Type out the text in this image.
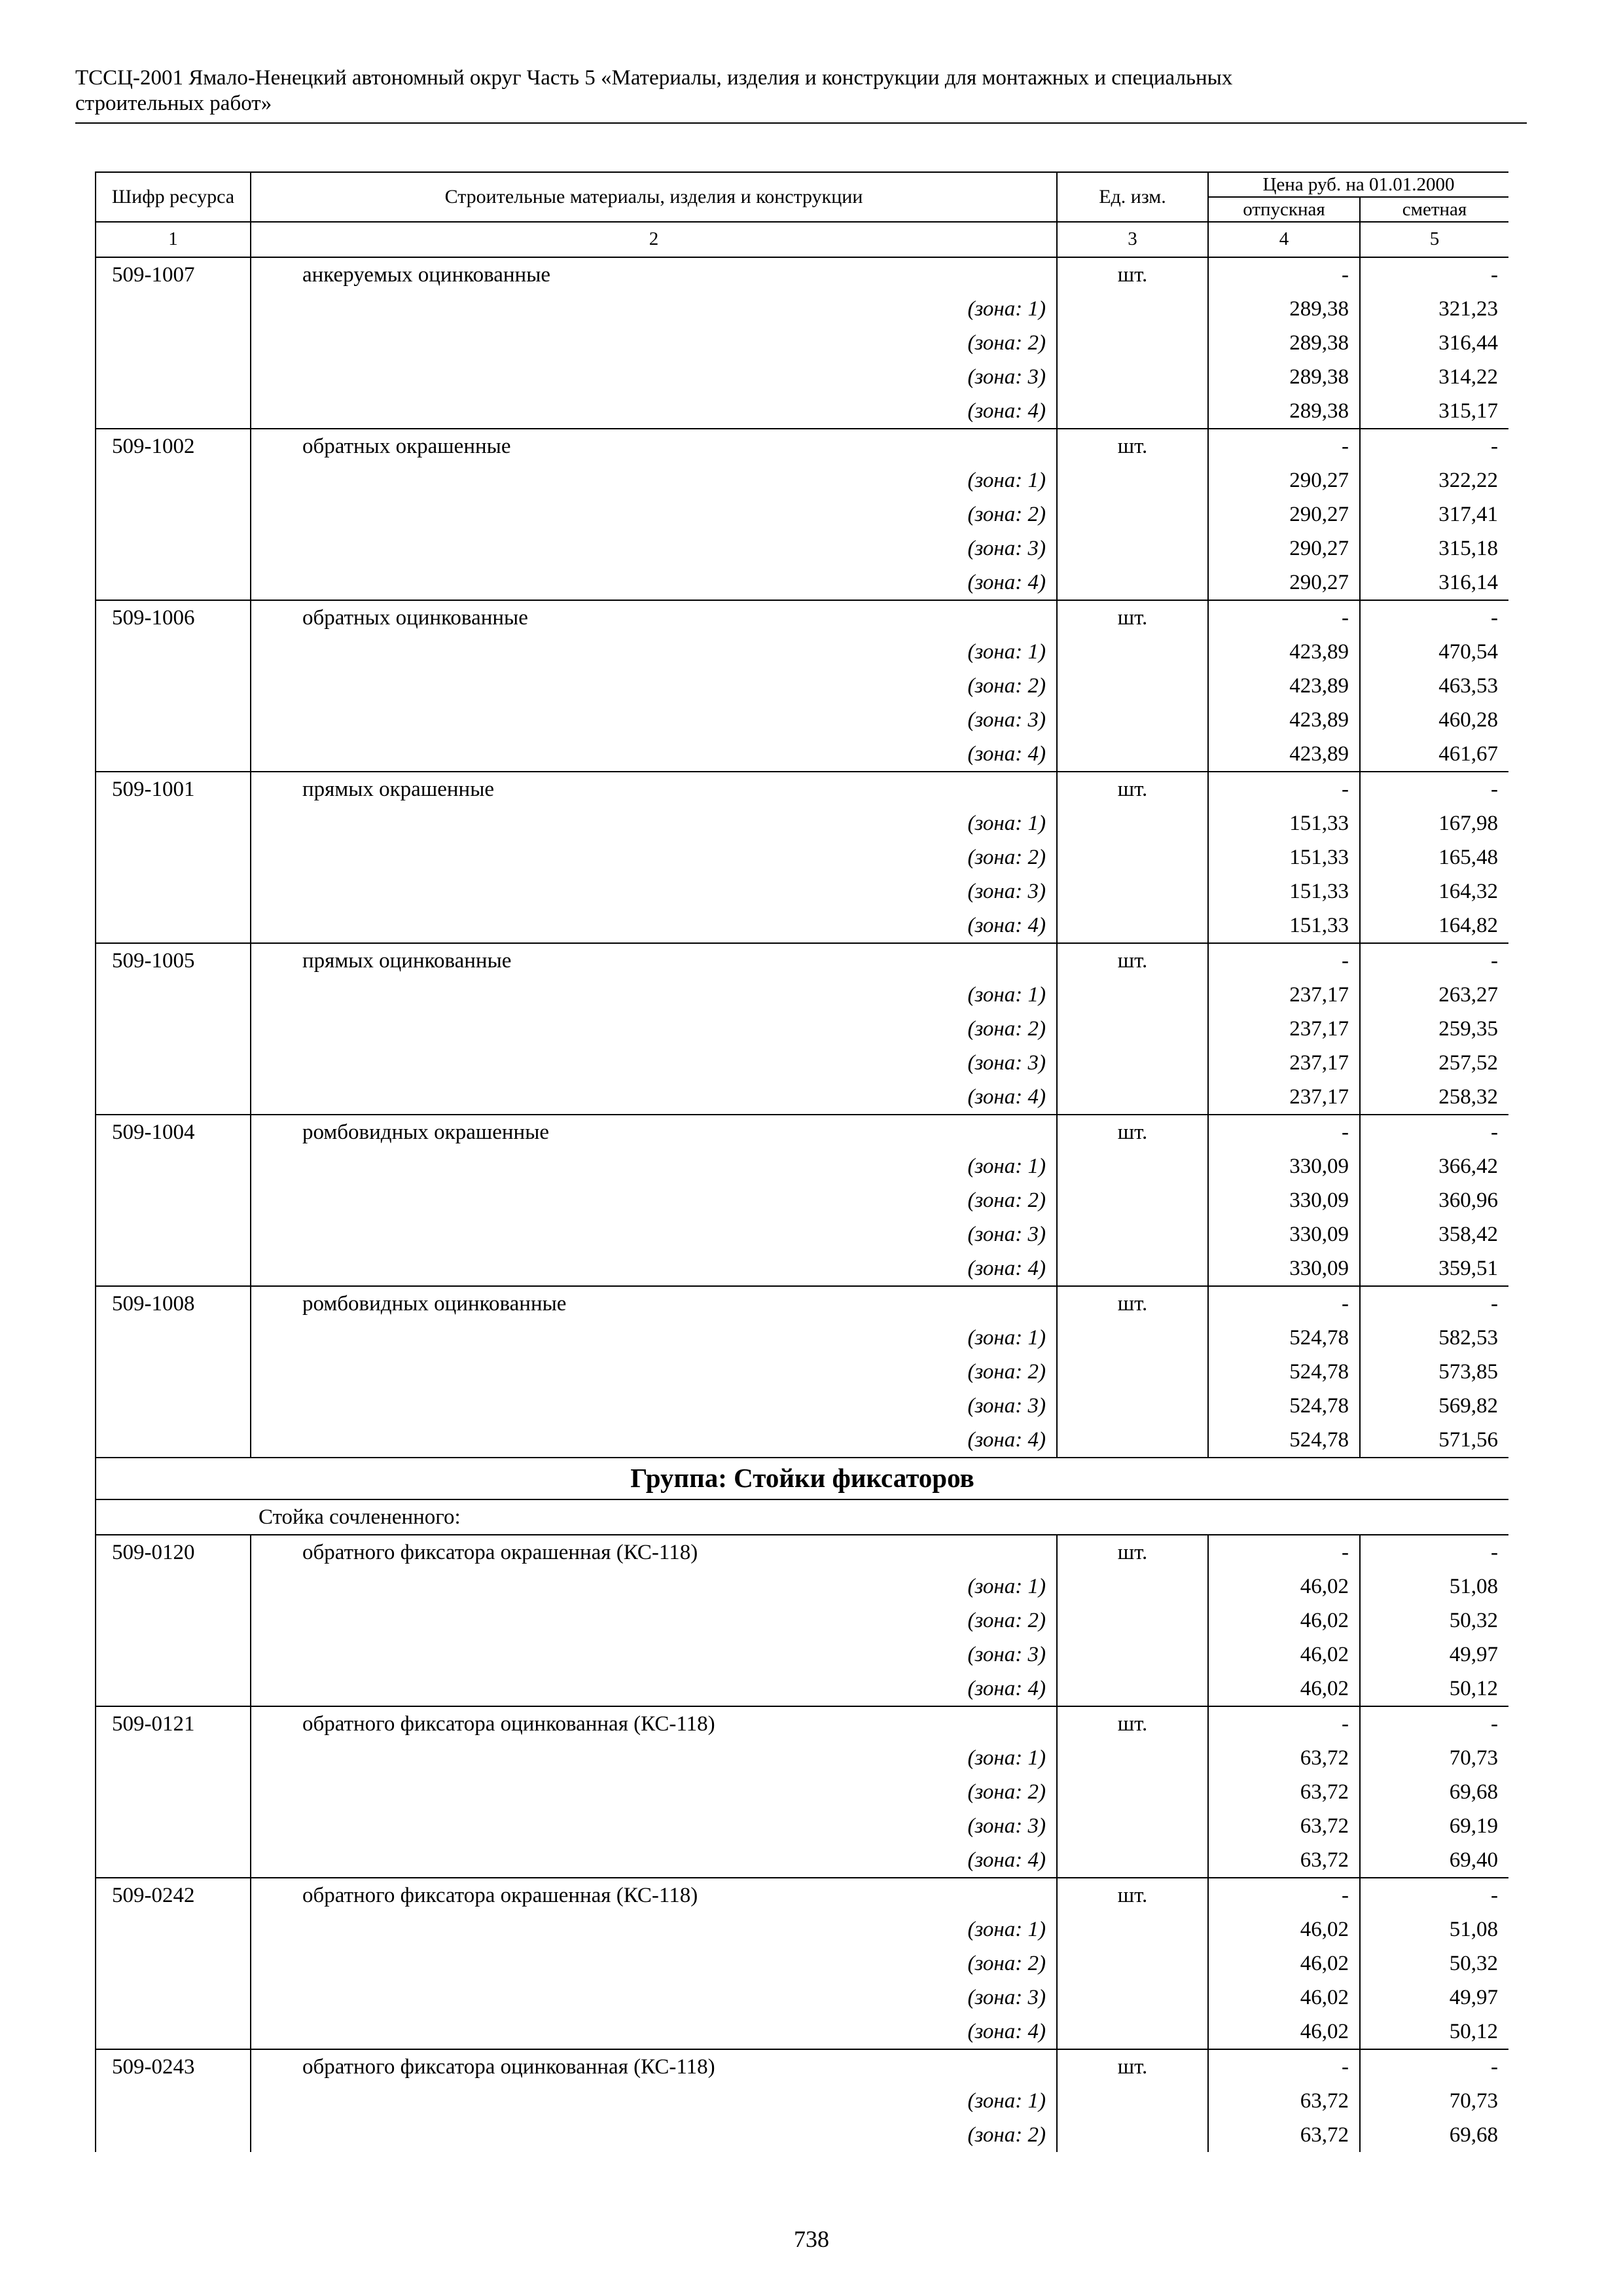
ТССЦ-2001 Ямало-Ненецкий автономный округ Часть 5 «Материалы, изделия и конструкции для монтажных и специальных
строительных работ»
Шифр ресурса	Строительные материалы, изделия и конструкции	Ед. изм.	Цена руб. на 01.01.2000	
			отпускная	сметная
1	2	3	4	5
509-1007	анкеруемых оцинкованные	шт.	-	-
	(зона: 1)		289,38	321,23
	(зона: 2)		289,38	316,44
	(зона: 3)		289,38	314,22
	(зона: 4)		289,38	315,17
509-1002	обратных окрашенные	шт.	-	-
	(зона: 1)		290,27	322,22
	(зона: 2)		290,27	317,41
	(зона: 3)		290,27	315,18
	(зона: 4)		290,27	316,14
509-1006	обратных оцинкованные	шт.	-	-
	(зона: 1)		423,89	470,54
	(зона: 2)		423,89	463,53
	(зона: 3)		423,89	460,28
	(зона: 4)		423,89	461,67
509-1001	прямых окрашенные	шт.	-	-
	(зона: 1)		151,33	167,98
	(зона: 2)		151,33	165,48
	(зона: 3)		151,33	164,32
	(зона: 4)		151,33	164,82
509-1005	прямых оцинкованные	шт.	-	-
	(зона: 1)		237,17	263,27
	(зона: 2)		237,17	259,35
	(зона: 3)		237,17	257,52
	(зона: 4)		237,17	258,32
509-1004	ромбовидных окрашенные	шт.	-	-
	(зона: 1)		330,09	366,42
	(зона: 2)		330,09	360,96
	(зона: 3)		330,09	358,42
	(зона: 4)		330,09	359,51
509-1008	ромбовидных оцинкованные	шт.	-	-
	(зона: 1)		524,78	582,53
	(зона: 2)		524,78	573,85
	(зона: 3)		524,78	569,82
	(зона: 4)		524,78	571,56
Группа: Стойки фиксаторов				
Стойка сочлененного:				
509-0120	обратного фиксатора окрашенная (КС-118)	шт.	-	-
	(зона: 1)		46,02	51,08
	(зона: 2)		46,02	50,32
	(зона: 3)		46,02	49,97
	(зона: 4)		46,02	50,12
509-0121	обратного фиксатора оцинкованная (КС-118)	шт.	-	-
	(зона: 1)		63,72	70,73
	(зона: 2)		63,72	69,68
	(зона: 3)		63,72	69,19
	(зона: 4)		63,72	69,40
509-0242	обратного фиксатора окрашенная (КС-118)	шт.	-	-
	(зона: 1)		46,02	51,08
	(зона: 2)		46,02	50,32
	(зона: 3)		46,02	49,97
	(зона: 4)		46,02	50,12
509-0243	обратного фиксатора оцинкованная (КС-118)	шт.	-	-
	(зона: 1)		63,72	70,73
	(зона: 2)		63,72	69,68
738
